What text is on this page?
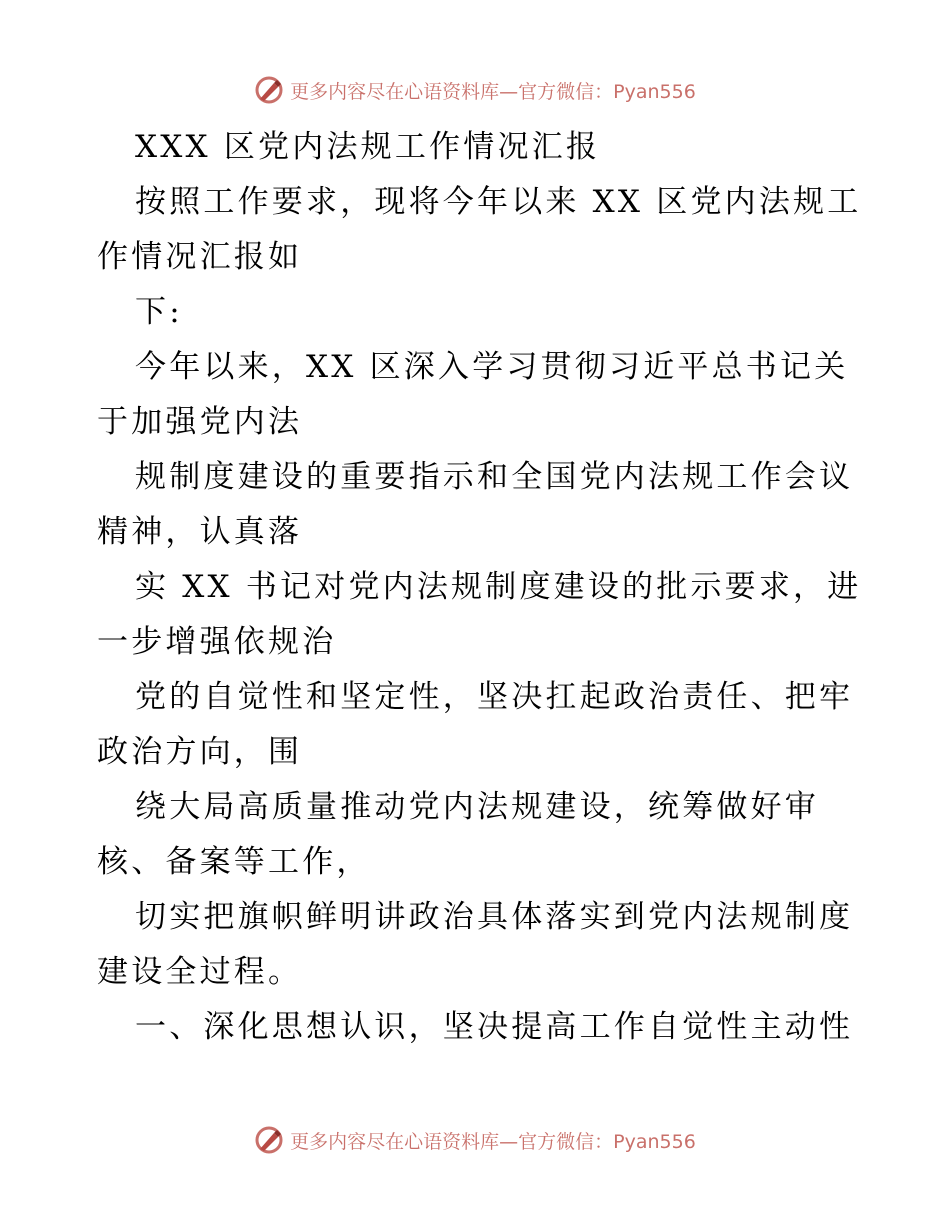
更多内容尽在心语资料库—官方微信：Pyan556
XXX 区党内法规工作情况汇报
按照工作要求，现将今年以来 XX 区党内法规工
作情况汇报如
下:
今年以来，XX 区深入学习贯彻习近平总书记关
于加强党内法
规制度建设的重要指示和全国党内法规工作会议
精神，认真落
实 XX 书记对党内法规制度建设的批示要求，进
一步增强依规治
党的自觉性和坚定性，坚决扛起政治责任、把牢
政治方向，围
绕大局高质量推动党内法规建设，统筹做好审
核、备案等工作，
切实把旗帜鲜明讲政治具体落实到党内法规制度
建设全过程。
一、深化思想认识，坚决提高工作自觉性主动性
更多内容尽在心语资料库—官方微信：Pyan556
